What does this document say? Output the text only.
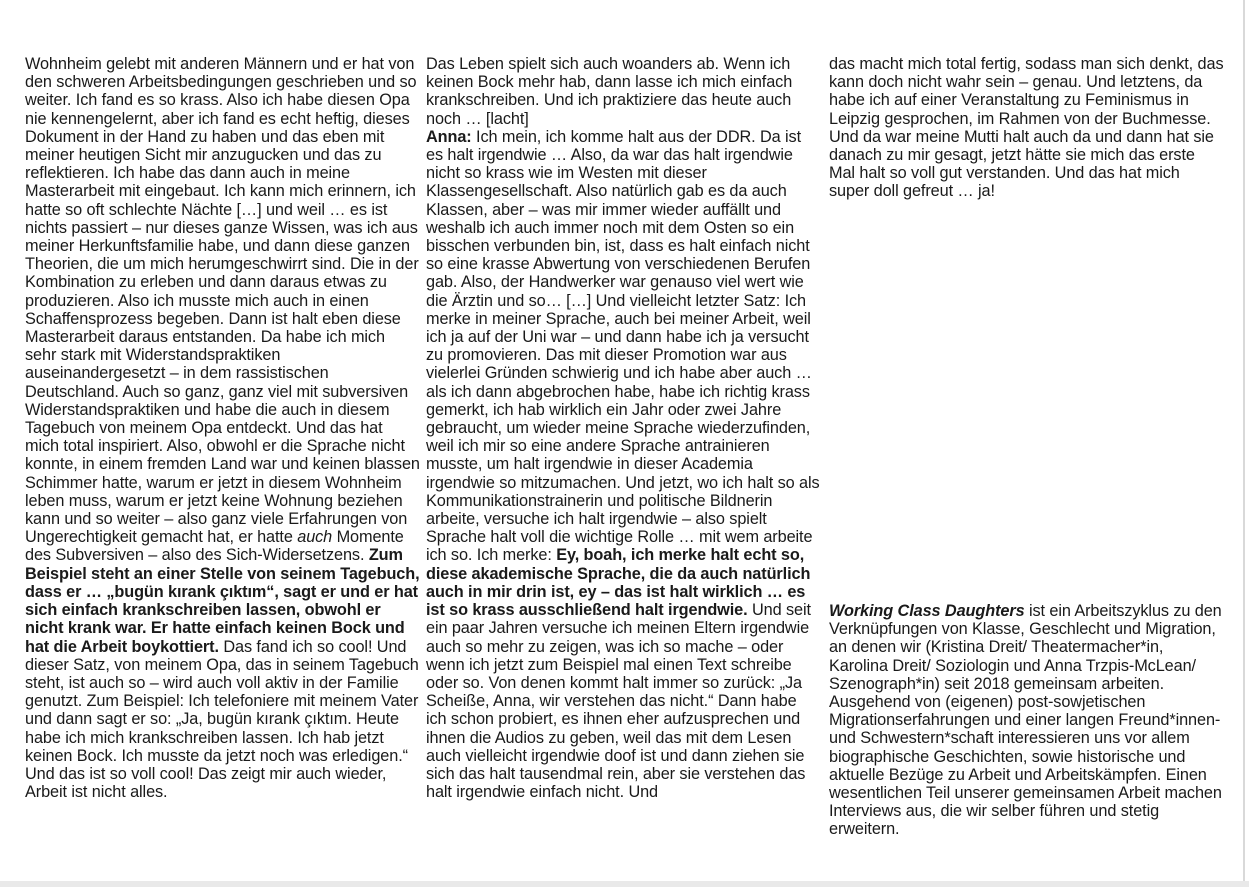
Wohnheim gelebt mit anderen Männern und er hat von den schweren Arbeitsbedingungen geschrieben und so weiter. Ich fand es so krass. Also ich habe diesen Opa nie kennengelernt, aber ich fand es echt heftig, dieses Dokument in der Hand zu haben und das eben mit meiner heutigen Sicht mir anzugucken und das zu reflektieren. Ich habe das dann auch in meine Masterarbeit mit eingebaut. Ich kann mich erinnern, ich hatte so oft schlechte Nächte […] und weil … es ist nichts passiert – nur dieses ganze Wissen, was ich aus meiner Herkunftsfamilie habe, und dann diese ganzen Theorien, die um mich herumgeschwirrt sind. Die in der Kombination zu erleben und dann daraus etwas zu produzieren. Also ich musste mich auch in einen Schaffensprozess begeben. Dann ist halt eben diese Masterarbeit daraus entstanden. Da habe ich mich sehr stark mit Widerstandspraktiken auseinandergesetzt – in dem rassistischen Deutschland. Auch so ganz, ganz viel mit subversiven Widerstandspraktiken und habe die auch in diesem Tagebuch von meinem Opa entdeckt. Und das hat mich total inspiriert. Also, obwohl er die Sprache nicht konnte, in einem fremden Land war und keinen blassen Schimmer hatte, warum er jetzt in diesem Wohnheim leben muss, warum er jetzt keine Wohnung beziehen kann und so weiter – also ganz viele Erfahrungen von Ungerechtigkeit gemacht hat, er hatte auch Momente des Subversiven – also des Sich-Widersetzens. Zum Beispiel steht an einer Stelle von seinem Tagebuch, dass er … „bugün kırank çıktım“, sagt er und er hat sich einfach krankschreiben lassen, obwohl er nicht krank war. Er hatte einfach keinen Bock und hat die Arbeit boykottiert. Das fand ich so cool! Und dieser Satz, von meinem Opa, das in seinem Tagebuch steht, ist auch so – wird auch voll aktiv in der Familie genutzt. Zum Beispiel: Ich telefoniere mit meinem Vater und dann sagt er so: „Ja, bugün kırank çıktım. Heute habe ich mich krankschreiben lassen. Ich hab jetzt keinen Bock. Ich musste da jetzt noch was erledigen.“ Und das ist so voll cool! Das zeigt mir auch wieder, Arbeit ist nicht alles.

Das Leben spielt sich auch woanders ab. Wenn ich keinen Bock mehr hab, dann lasse ich mich einfach krankschreiben. Und ich praktiziere das heute auch noch … [lacht]

Anna: Ich mein, ich komme halt aus der DDR. Da ist es halt irgendwie … Also, da war das halt irgendwie nicht so krass wie im Westen mit dieser Klassengesellschaft. Also natürlich gab es da auch Klassen, aber – was mir immer wieder auffällt und weshalb ich auch immer noch mit dem Osten so ein bisschen verbunden bin, ist, dass es halt einfach nicht so eine krasse Abwertung von verschiedenen Berufen gab. Also, der Handwerker war genauso viel wert wie die Ärztin und so… […] Und vielleicht letzter Satz: Ich merke in meiner Sprache, auch bei meiner Arbeit, weil ich ja auf der Uni war – und dann habe ich ja versucht zu promovieren. Das mit dieser Promotion war aus vielerlei Gründen schwierig und ich habe aber auch … als ich dann abgebrochen habe, habe ich richtig krass gemerkt, ich hab wirklich ein Jahr oder zwei Jahre gebraucht, um wieder meine Sprache wiederzufinden, weil ich mir so eine andere Sprache antrainieren musste, um halt irgendwie in dieser Academia irgendwie so mitzumachen. Und jetzt, wo ich halt so als Kommunikationstrainerin und politische Bildnerin arbeite, versuche ich halt irgendwie – also spielt Sprache halt voll die wichtige Rolle … mit wem arbeite ich so. Ich merke: Ey, boah, ich merke halt echt so, diese akademische Sprache, die da auch natürlich auch in mir drin ist, ey – das ist halt wirklich … es ist so krass ausschließend halt irgendwie. Und seit ein paar Jahren versuche ich meinen Eltern irgendwie auch so mehr zu zeigen, was ich so mache – oder wenn ich jetzt zum Beispiel mal einen Text schreibe oder so. Von denen kommt halt immer so zurück: „Ja Scheiße, Anna, wir verstehen das nicht.“ Dann habe ich schon probiert, es ihnen eher aufzusprechen und ihnen die Audios zu geben, weil das mit dem Lesen auch vielleicht irgendwie doof ist und dann ziehen sie sich das halt tausendmal rein, aber sie verstehen das halt irgendwie einfach nicht. Und

das macht mich total fertig, sodass man sich denkt, das kann doch nicht wahr sein – genau. Und letztens, da habe ich auf einer Veranstaltung zu Feminismus in Leipzig gesprochen, im Rahmen von der Buchmesse. Und da war meine Mutti halt auch da und dann hat sie danach zu mir gesagt, jetzt hätte sie mich das erste Mal halt so voll gut verstanden. Und das hat mich super doll gefreut … ja!

Working Class Daughters ist ein Arbeitszyklus zu den Verknüpfungen von Klasse, Geschlecht und Migration, an denen wir (Kristina Dreit/ Theatermacher*in, Karolina Dreit/ Soziologin und Anna Trzpis-McLean/ Szenograph*in) seit 2018 gemeinsam arbeiten. Ausgehend von (eigenen) post-sowjetischen Migrationserfahrungen und einer langen Freund*innen- und Schwestern*schaft interessieren uns vor allem biographische Geschichten, sowie historische und aktuelle Bezüge zu Arbeit und Arbeitskämpfen. Einen wesentlichen Teil unserer gemeinsamen Arbeit machen Interviews aus, die wir selber führen und stetig erweitern.
